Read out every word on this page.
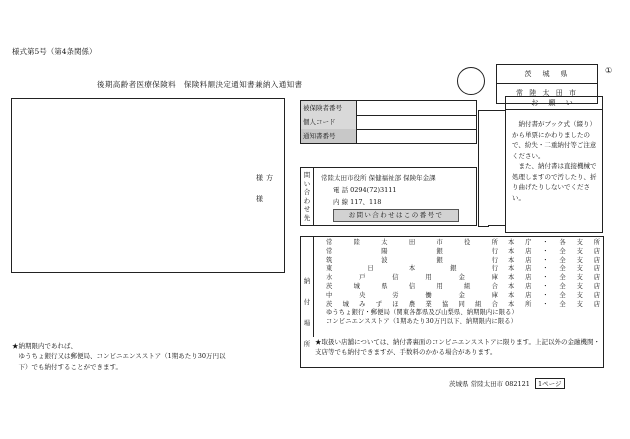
様式第5号（第4条関係）
後期高齢者医療保険料　保険料額決定通知書兼納入通知書
①
茨　城　県
常 陸 太 田 市
様方
様
被保険者番号
個人コード
通知書番号
問い合わせ先
常陸太田市役所 保健福祉部 保険年金課
電 話 0294(72)3111
内 線 117、118
お問い合わせはこの番号で
お 願 い
　納付書がブック式（綴り）から単票にかわりましたので、紛失・二重納付等ご注意ください。
　また、納付書は直接機械で処理しますので汚したり、折り曲げたりしないでください。
納付場所
常	陸	太	田	市	役	所 本 庁 ・ 各 支 所
常	陽	銀	行 本 店 ・ 全 支 店
筑	波	銀	行 本 店 ・ 全 支 店
東	日	本	銀	行 本 店 ・ 全 支 店
水	戸	信	用	金	庫 本 店 ・ 全 支 店
茨	城	県	信	用	組	合 本 店 ・ 全 支 店
中	央	労	働	金	庫 本 店 ・ 全 支 店
茨 城 み ず ほ 農 業 協 同 組 合 本 所 ・ 全 支 店
ゆうちょ銀行・郵便局（関東各都県及び山梨県、納期限内に限る）
コンビニエンスストア（1期あたり30万円以下、納期限内に限る）
★取扱い店舗については、納付書裏面のコンビニエンスストアに限ります。上記以外の金融機関・支店等でも納付できますが、手数料のかかる場合があります。
★納期限内であれば、
　ゆうちょ銀行又は郵便局、コンビニエンスストア（1期あたり30万円以
　下）でも納付することができます。
茨城県 常陸太田市 082121 1ページ
